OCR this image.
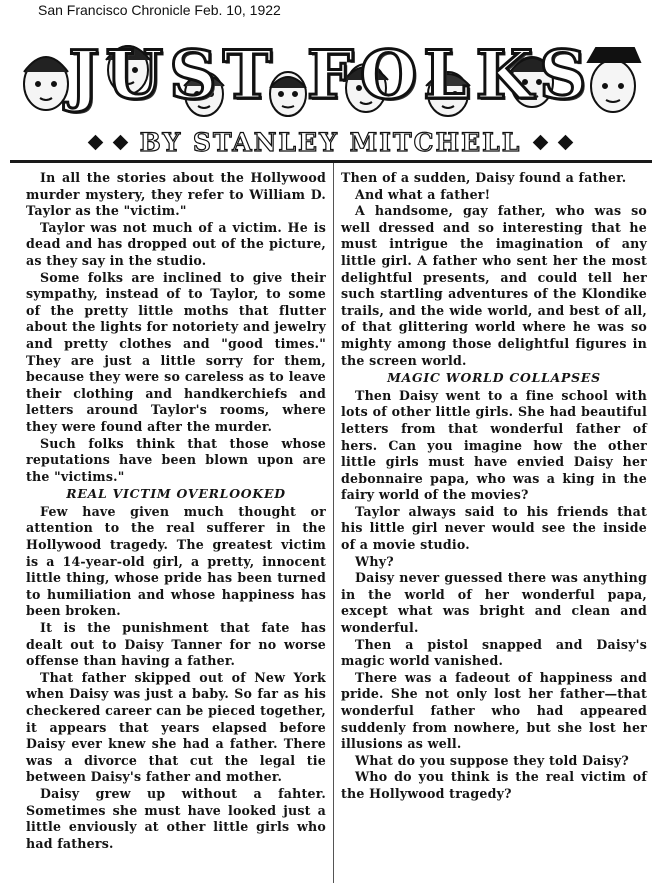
San Francisco Chronicle Feb. 10, 1922
JUST FOLKS
BY STANLEY MITCHELL

In all the stories about the Hollywood murder mystery, they refer to William D. Taylor as the "victim."

Taylor was not much of a victim. He is dead and has dropped out of the picture, as they say in the studio.

Some folks are inclined to give their sympathy, instead of to Taylor, to some of the pretty little moths that flutter about the lights for notoriety and jewelry and pretty clothes and "good times." They are just a little sorry for them, because they were so careless as to leave their clothing and handkerchiefs and letters around Taylor's rooms, where they were found after the murder.

Such folks think that those whose reputations have been blown upon are the "victims."

REAL VICTIM OVERLOOKED

Few have given much thought or attention to the real sufferer in the Hollywood tragedy. The greatest victim is a 14-year-old girl, a pretty, innocent little thing, whose pride has been turned to humiliation and whose happiness has been broken.

It is the punishment that fate has dealt out to Daisy Tanner for no worse offense than having a father.

That father skipped out of New York when Daisy was just a baby. So far as his checkered career can be pieced together, it appears that years elapsed before Daisy ever knew she had a father. There was a divorce that cut the legal tie between Daisy's father and mother.

Daisy grew up without a fahter. Sometimes she must have looked just a little enviously at other little girls who had fathers.

Then of a sudden, Daisy found a father.

And what a father!

A handsome, gay father, who was so well dressed and so interesting that he must intrigue the imagination of any little girl. A father who sent her the most delightful presents, and could tell her such startling adventures of the Klondike trails, and the wide world, and best of all, of that glittering world where he was so mighty among those delightful figures in the screen world.

MAGIC WORLD COLLAPSES

Then Daisy went to a fine school with lots of other little girls. She had beautiful letters from that wonderful father of hers. Can you imagine how the other little girls must have envied Daisy her debonnaire papa, who was a king in the fairy world of the movies?

Taylor always said to his friends that his little girl never would see the inside of a movie studio.

Why?

Daisy never guessed there was anything in the world of her wonderful papa, except what was bright and clean and wonderful.

Then a pistol snapped and Daisy's magic world vanished.

There was a fadeout of happiness and pride. She not only lost her father—that wonderful father who had appeared suddenly from nowhere, but she lost her illusions as well.

What do you suppose they told Daisy?

Who do you think is the real victim of the Hollywood tragedy?
